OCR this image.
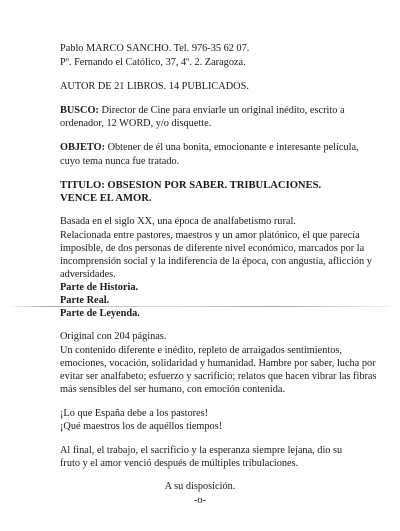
Pablo MARCO SANCHO. Tel. 976-35 62 07.
Pº. Fernando el Católico, 37, 4º. 2. Zaragoza.
AUTOR DE 21 LIBROS. 14 PUBLICADOS.
BUSCO: Director de Cine para enviarle un original inédito, escrito a
ordenador, 12 WORD, y/o disquette.
OBJETO: Obtener de él una bonita, emocionante e interesante película,
cuyo tema nunca fue tratado.
TITULO: OBSESION POR SABER. TRIBULACIONES.
VENCE EL AMOR.
Basada en el siglo XX, una época de analfabetismo rural.
Relacionada entre pastores, maestros y un amor platónico, el que parecía
imposible, de dos personas de diferente nivel económico, marcados por la
incomprensión social y la indiferencia de la época, con angustia, aflicción y
adversidades.
Parte de Historia.
Parte Real.
Parte de Leyenda.
Original con 204 páginas.
Un contenido diferente e inédito, repleto de arraigados sentimientos,
emociones, vocación, solidaridad y humanidad. Hambre por saber, lucha por
evitar ser analfabeto; esfuerzo y sacrificio; relatos que hacen vibrar las fibras
más sensibles del ser humano, con emoción contenida.
¡Lo que España debe a los pastores!
¡Qué maestros los de aquéllos tiempos!
Al final, el trabajo, el sacrificio y la esperanza siempre lejana, dio su
fruto y el amor venció después de múltiples tribulaciones.
A su disposición.
-o-
